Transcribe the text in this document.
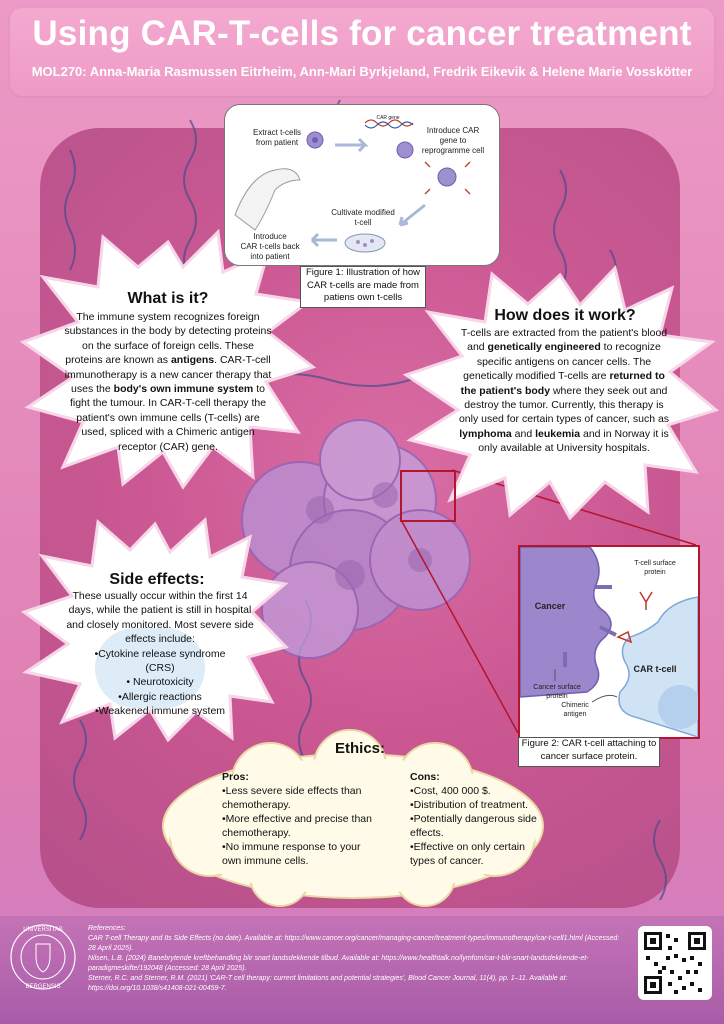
Using CAR-T-cells for cancer treatment
MOL270: Anna-Maria Rasmussen Eitrheim, Ann-Mari Byrkjeland, Fredrik Eikevik & Helene Marie Vosskötter
What is it?
The immune system recognizes foreign substances in the body by detecting proteins on the surface of foreign cells. These proteins are known as antigens. CAR-T-cell immunotherapy is a new cancer therapy that uses the body's own immune system to fight the tumour. In CAR-T-cell therapy the patient's own immune cells (T-cells) are used, spliced with a Chimeric antigen receptor (CAR) gene.
How does it work?
T-cells are extracted from the patient's blood and genetically engineered to recognize specific antigens on cancer cells. The genetically modified T-cells are returned to the patient's body where they seek out and destroy the tumor. Currently, this therapy is only used for certain types of cancer, such as lymphoma and leukemia and in Norway it is only available at University hospitals.
Side effects:
These usually occur within the first 14 days, while the patient is still in hospital and closely monitored. Most severe side effects include:
•Cytokine release syndrome
(CRS)
• Neurotoxicity
•Allergic reactions
•Weakened immune system
Extract t-cells
from patient
CAR gene
Introduce CAR
gene to
reprogramme cell
Cultivate modified
t-cell
Introduce
CAR t-cells back
into patient
Figure 1: Illustration of how CAR t-cells are made from patiens own t-cells
Cancer
T-cell surface
protein
CAR t-cell
Cancer surface
protein
Chimeric
antigen
Figure 2: CAR t-cell attaching to cancer surface protein.
Ethics:
Pros:
•Less severe side effects than chemotherapy.
•More effective and precise than chemotherapy.
•No immune response to your own immune cells.
Cons:
•Cost, 400 000 $.
•Distribution of treatment.
•Potentially dangerous side effects.
•Effective on only certain types of cancer.
UNIVERSITAS
BERGENSIS
References:
CAR T-cell Therapy and Its Side Effects (no date). Available at: https://www.cancer.org/cancer/managing-cancer/treatment-types/immunotherapy/car-t-cell1.html (Accessed: 28 April 2025).
Nilsen, L.B. (2024) Banebrytende kreftbehandling blir snart landsdekkende tilbud. Available at: https://www.healthtalk.no/lymfom/car-t-blir-snart-landsdekkende-et-paradigmeskifte/192048 (Accessed: 28 April 2025).
Sterner, R.C. and Sterner, R.M. (2021) 'CAR-T cell therapy: current limitations and potential strategies', Blood Cancer Journal, 11(4), pp. 1–11. Available at: https://doi.org/10.1038/s41408-021-00459-7.
